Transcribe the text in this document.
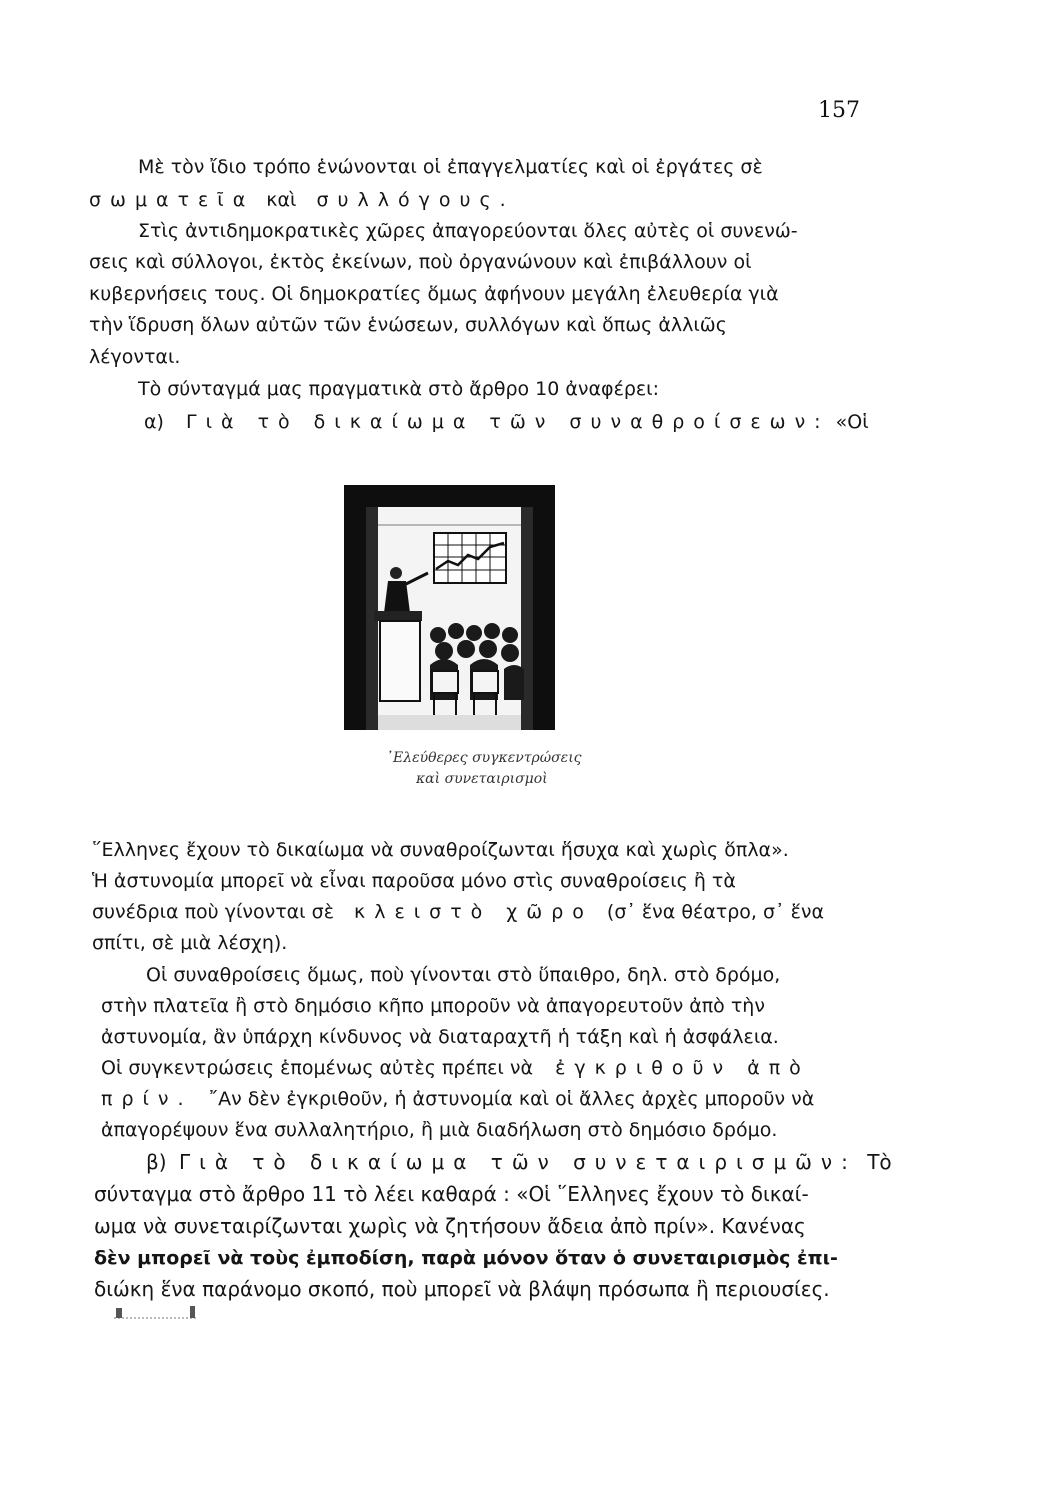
157
Μὲ τὸν ἴδιο τρόπο ἑνώνονται οἱ ἐπαγγελματίες καὶ οἱ ἐργάτες σὲ
σωματεῖα καὶ συλλόγους.
Στὶς ἀντιδημοκρατικὲς χῶρες ἀπαγορεύονται ὅλες αὐτὲς οἱ συνενώ-
σεις καὶ σύλλογοι, ἐκτὸς ἐκείνων, ποὺ ὀργανώνουν καὶ ἐπιβάλλουν οἱ
κυβερνήσεις τους. Οἱ δημοκρατίες ὅμως ἀφήνουν μεγάλη ἐλευθερία γιὰ
τὴν ἵδρυση ὅλων αὐτῶν τῶν ἑνώσεων, συλλόγων καὶ ὅπως ἀλλιῶς
λέγονται.
Τὸ σύνταγμά μας πραγματικὰ στὸ ἄρθρο 10 ἀναφέρει:
α) Γιὰ τὸ δικαίωμα τῶν συναθροίσεων: «Οἱ
᾿Ελεύθερες συγκεντρώσεις
καὶ συνεταιρισμοὶ
῞Ελληνες ἔχουν τὸ δικαίωμα νὰ συναθροίζωνται ἥσυχα καὶ χωρὶς ὅπλα».
Ἡ ἀστυνομία μπορεῖ νὰ εἶναι παροῦσα μόνο στὶς συναθροίσεις ἢ τὰ
συνέδρια ποὺ γίνονται σὲ κλειστὸ χῶρο (σ᾿ ἕνα θέατρο, σ᾿ ἕνα
σπίτι, σὲ μιὰ λέσχη).
Οἱ συναθροίσεις ὅμως, ποὺ γίνονται στὸ ὕπαιθρο, δηλ. στὸ δρόμο,
στὴν πλατεῖα ἢ στὸ δημόσιο κῆπο μποροῦν νὰ ἀπαγορευτοῦν ἀπὸ τὴν
ἀστυνομία, ἂν ὑπάρχη κίνδυνος νὰ διαταραχτῆ ἡ τάξη καὶ ἡ ἀσφάλεια.
Οἱ συγκεντρώσεις ἑπομένως αὐτὲς πρέπει νὰ ἐγκριθοῦν ἀπὸ
πρίν. ῎Αν δὲν ἐγκριθοῦν, ἡ ἀστυνομία καὶ οἱ ἄλλες ἀρχὲς μποροῦν νὰ
ἀπαγορέψουν ἕνα συλλαλητήριο, ἢ μιὰ διαδήλωση στὸ δημόσιο δρόμο.
β) Γιὰ τὸ δικαίωμα τῶν συνεταιρισμῶν: Τὸ
σύνταγμα στὸ ἄρθρο 11 τὸ λέει καθαρά : «Οἱ ῞Ελληνες ἔχουν τὸ δικαί-
ωμα νὰ συνεταιρίζωνται χωρὶς νὰ ζητήσουν ἄδεια ἀπὸ πρίν». Κανένας
δὲν μπορεῖ νὰ τοὺς ἐμποδίση, παρὰ μόνον ὅταν ὁ συνεταιρισμὸς ἐπι-
διώκη ἕνα παράνομο σκοπό, ποὺ μπορεῖ νὰ βλάψη πρόσωπα ἢ περιουσίες.
